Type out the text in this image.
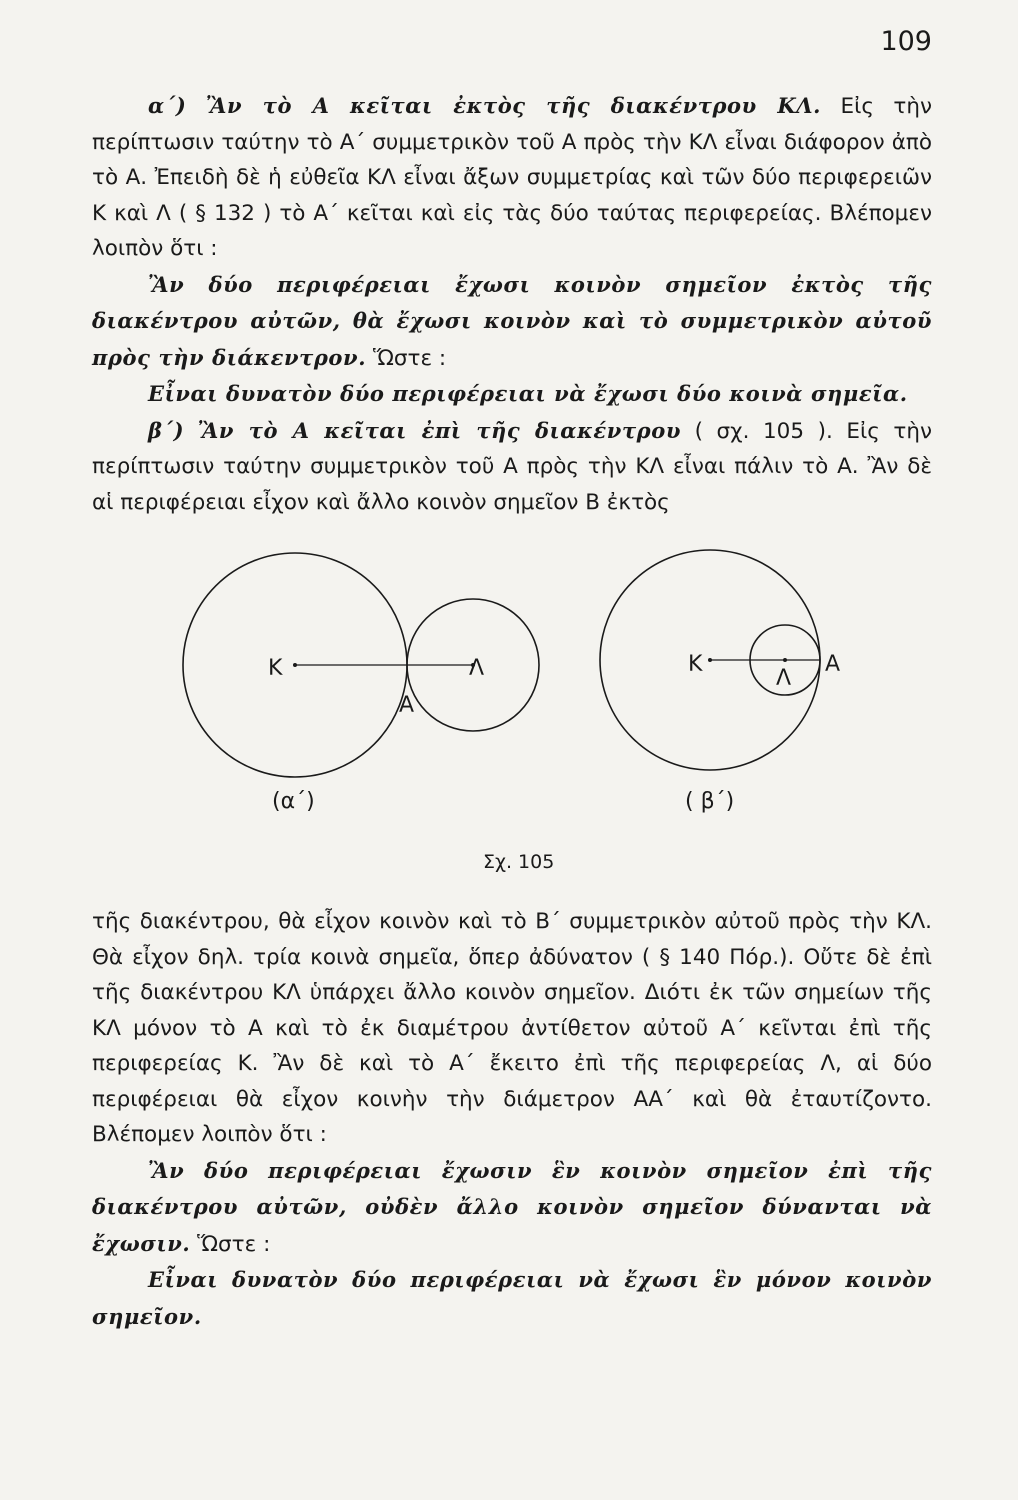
109

α΄) Ἂν τὸ Α κεῖται ἐκτὸς τῆς διακέντρου ΚΛ. Εἰς τὴν περίπτωσιν ταύτην τὸ Α΄ συμμετρικὸν τοῦ Α πρὸς τὴν ΚΛ εἶναι διάφορον ἀπὸ τὸ Α. Ἐπειδὴ δὲ ἡ εὐθεῖα ΚΛ εἶναι ἄξων συμμετρίας καὶ τῶν δύο περιφερειῶν Κ καὶ Λ ( § 132 ) τὸ Α΄ κεῖται καὶ εἰς τὰς δύο ταύτας περιφερείας. Βλέπομεν λοιπὸν ὅτι :

Ἂν δύο περιφέρειαι ἔχωσι κοινὸν σημεῖον ἐκτὸς τῆς διακέντρου αὐτῶν, θὰ ἔχωσι κοινὸν καὶ τὸ συμμετρικὸν αὐτοῦ πρὸς τὴν διάκεντρον. Ὥστε :

Εἶναι δυνατὸν δύο περιφέρειαι νὰ ἔχωσι δύο κοινὰ σημεῖα.

β΄) Ἂν τὸ Α κεῖται ἐπὶ τῆς διακέντρου ( σχ. 105 ). Εἰς τὴν περίπτωσιν ταύτην συμμετρικὸν τοῦ Α πρὸς τὴν ΚΛ εἶναι πάλιν τὸ Α. Ἂν δὲ αἱ περιφέρειαι εἶχον καὶ ἄλλο κοινὸν σημεῖον Β ἐκτὸς

Κ	Λ
Α
(α΄)
Κ
Λ
Α
( β΄)
Σχ. 105

τῆς διακέντρου, θὰ εἶχον κοινὸν καὶ τὸ Β΄ συμμετρικὸν αὐτοῦ πρὸς τὴν ΚΛ. Θὰ εἶχον δηλ. τρία κοινὰ σημεῖα, ὅπερ ἀδύνατον ( § 140 Πόρ.). Οὔτε δὲ ἐπὶ τῆς διακέντρου ΚΛ ὑπάρχει ἄλλο κοινὸν σημεῖον. Διότι ἐκ τῶν σημείων τῆς ΚΛ μόνον τὸ Α καὶ τὸ ἐκ διαμέτρου ἀντίθετον αὐτοῦ Α΄ κεῖνται ἐπὶ τῆς περιφερείας Κ. Ἂν δὲ καὶ τὸ Α΄ ἔκειτο ἐπὶ τῆς περιφερείας Λ, αἱ δύο περιφέρειαι θὰ εἶχον κοινὴν τὴν διάμετρον ΑΑ΄ καὶ θὰ ἐταυτίζοντο. Βλέπομεν λοιπὸν ὅτι :

Ἂν δύο περιφέρειαι ἔχωσιν ἓν κοινὸν σημεῖον ἐπὶ τῆς διακέντρου αὐτῶν, οὐδὲν ἄλλο κοινὸν σημεῖον δύνανται νὰ ἔχωσιν. Ὥστε :

Εἶναι δυνατὸν δύο περιφέρειαι νὰ ἔχωσι ἓν μόνον κοινὸν σημεῖον.
